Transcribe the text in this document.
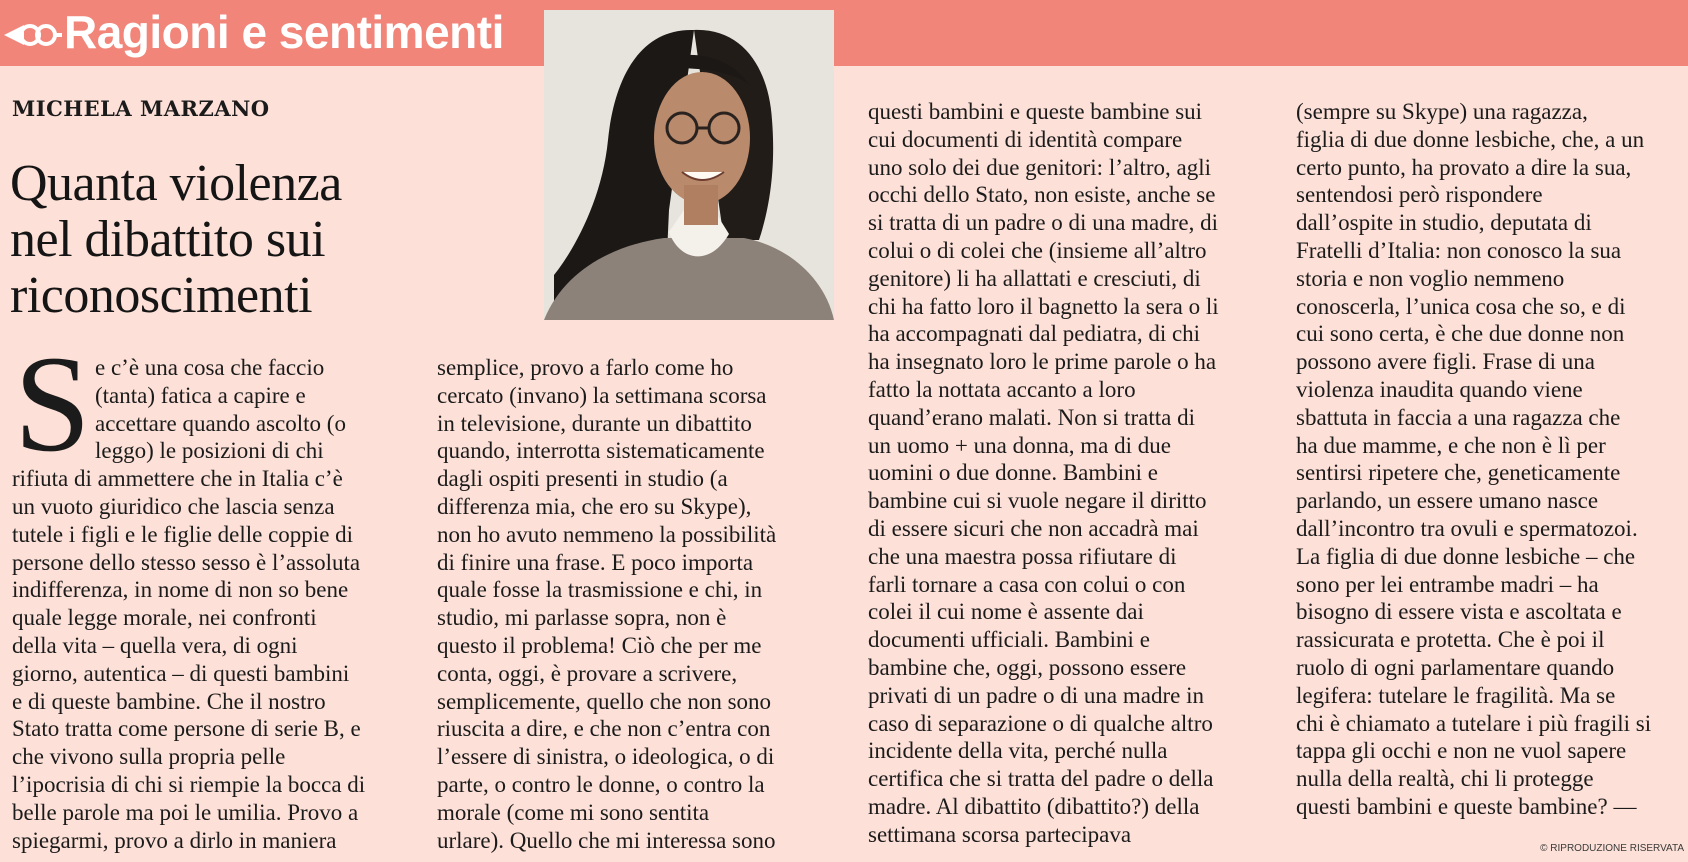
Ragioni e sentimenti
MICHELA MARZANO
Quanta violenza
nel dibattito sui
riconoscimenti
S e c’è una cosa che faccio
(tanta) fatica a capire e
accettare quando ascolto (o
leggo) le posizioni di chi
rifiuta di ammettere che in Italia c’è
un vuoto giuridico che lascia senza
tutele i figli e le figlie delle coppie di
persone dello stesso sesso è l’assoluta
indifferenza, in nome di non so bene
quale legge morale, nei confronti
della vita – quella vera, di ogni
giorno, autentica – di questi bambini
e di queste bambine. Che il nostro
Stato tratta come persone di serie B, e
che vivono sulla propria pelle
l’ipocrisia di chi si riempie la bocca di
belle parole ma poi le umilia. Provo a
spiegarmi, provo a dirlo in maniera
semplice, provo a farlo come ho
cercato (invano) la settimana scorsa
in televisione, durante un dibattito
quando, interrotta sistematicamente
dagli ospiti presenti in studio (a
differenza mia, che ero su Skype),
non ho avuto nemmeno la possibilità
di finire una frase. E poco importa
quale fosse la trasmissione e chi, in
studio, mi parlasse sopra, non è
questo il problema! Ciò che per me
conta, oggi, è provare a scrivere,
semplicemente, quello che non sono
riuscita a dire, e che non c’entra con
l’essere di sinistra, o ideologica, o di
parte, o contro le donne, o contro la
morale (come mi sono sentita
urlare). Quello che mi interessa sono
questi bambini e queste bambine sui
cui documenti di identità compare
uno solo dei due genitori: l’altro, agli
occhi dello Stato, non esiste, anche se
si tratta di un padre o di una madre, di
colui o di colei che (insieme all’altro
genitore) li ha allattati e cresciuti, di
chi ha fatto loro il bagnetto la sera o li
ha accompagnati dal pediatra, di chi
ha insegnato loro le prime parole o ha
fatto la nottata accanto a loro
quand’erano malati. Non si tratta di
un uomo + una donna, ma di due
uomini o due donne. Bambini e
bambine cui si vuole negare il diritto
di essere sicuri che non accadrà mai
che una maestra possa rifiutare di
farli tornare a casa con colui o con
colei il cui nome è assente dai
documenti ufficiali. Bambini e
bambine che, oggi, possono essere
privati di un padre o di una madre in
caso di separazione o di qualche altro
incidente della vita, perché nulla
certifica che si tratta del padre o della
madre. Al dibattito (dibattito?) della
settimana scorsa partecipava
(sempre su Skype) una ragazza,
figlia di due donne lesbiche, che, a un
certo punto, ha provato a dire la sua,
sentendosi però rispondere
dall’ospite in studio, deputata di
Fratelli d’Italia: non conosco la sua
storia e non voglio nemmeno
conoscerla, l’unica cosa che so, e di
cui sono certa, è che due donne non
possono avere figli. Frase di una
violenza inaudita quando viene
sbattuta in faccia a una ragazza che
ha due mamme, e che non è lì per
sentirsi ripetere che, geneticamente
parlando, un essere umano nasce
dall’incontro tra ovuli e spermatozoi.
La figlia di due donne lesbiche – che
sono per lei entrambe madri – ha
bisogno di essere vista e ascoltata e
rassicurata e protetta. Che è poi il
ruolo di ogni parlamentare quando
legifera: tutelare le fragilità. Ma se
chi è chiamato a tutelare i più fragili si
tappa gli occhi e non ne vuol sapere
nulla della realtà, chi li protegge
questi bambini e queste bambine? —
© RIPRODUZIONE RISERVATA
